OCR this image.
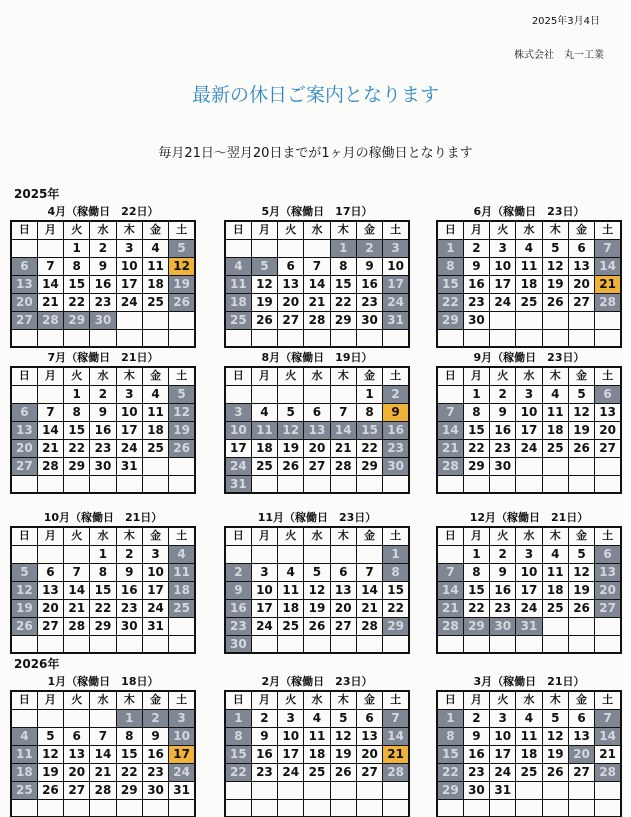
2025年3月4日
株式会社　丸一工業
最新の休日ご案内となります
毎月21日～翌月20日までが1ヶ月の稼働日となります
2025年
2026年
4月（稼働日　22日）
日	月	火	水	木	金	土
		1	2	3	4	5
6	7	8	9	10	11	12
13	14	15	16	17	18	19
20	21	22	23	24	25	26
27	28	29	30			

5月（稼働日　17日）
日	月	火	水	木	金	土
				1	2	3
4	5	6	7	8	9	10
11	12	13	14	15	16	17
18	19	20	21	22	23	24
25	26	27	28	29	30	31

6月（稼働日　23日）
日	月	火	水	木	金	土
1	2	3	4	5	6	7
8	9	10	11	12	13	14
15	16	17	18	19	20	21
22	23	24	25	26	27	28
29	30					

7月（稼働日　21日）
日	月	火	水	木	金	土
		1	2	3	4	5
6	7	8	9	10	11	12
13	14	15	16	17	18	19
20	21	22	23	24	25	26
27	28	29	30	31		

8月（稼働日　19日）
日	月	火	水	木	金	土
					1	2
3	4	5	6	7	8	9
10	11	12	13	14	15	16
17	18	19	20	21	22	23
24	25	26	27	28	29	30
31						
9月（稼働日　23日）
日	月	火	水	木	金	土
	1	2	3	4	5	6
7	8	9	10	11	12	13
14	15	16	17	18	19	20
21	22	23	24	25	26	27
28	29	30				

10月（稼働日　21日）
日	月	火	水	木	金	土
			1	2	3	4
5	6	7	8	9	10	11
12	13	14	15	16	17	18
19	20	21	22	23	24	25
26	27	28	29	30	31	

11月（稼働日　23日）
日	月	火	水	木	金	土
						1
2	3	4	5	6	7	8
9	10	11	12	13	14	15
16	17	18	19	20	21	22
23	24	25	26	27	28	29
30						
12月（稼働日　21日）
日	月	火	水	木	金	土
	1	2	3	4	5	6
7	8	9	10	11	12	13
14	15	16	17	18	19	20
21	22	23	24	25	26	27
28	29	30	31			

1月（稼働日　18日）
日	月	火	水	木	金	土
				1	2	3
4	5	6	7	8	9	10
11	12	13	14	15	16	17
18	19	20	21	22	23	24
25	26	27	28	29	30	31

2月（稼働日　23日）
日	月	火	水	木	金	土
1	2	3	4	5	6	7
8	9	10	11	12	13	14
15	16	17	18	19	20	21
22	23	24	25	26	27	28

3月（稼働日　21日）
日	月	火	水	木	金	土
1	2	3	4	5	6	7
8	9	10	11	12	13	14
15	16	17	18	19	20	21
22	23	24	25	26	27	28
29	30	31				
